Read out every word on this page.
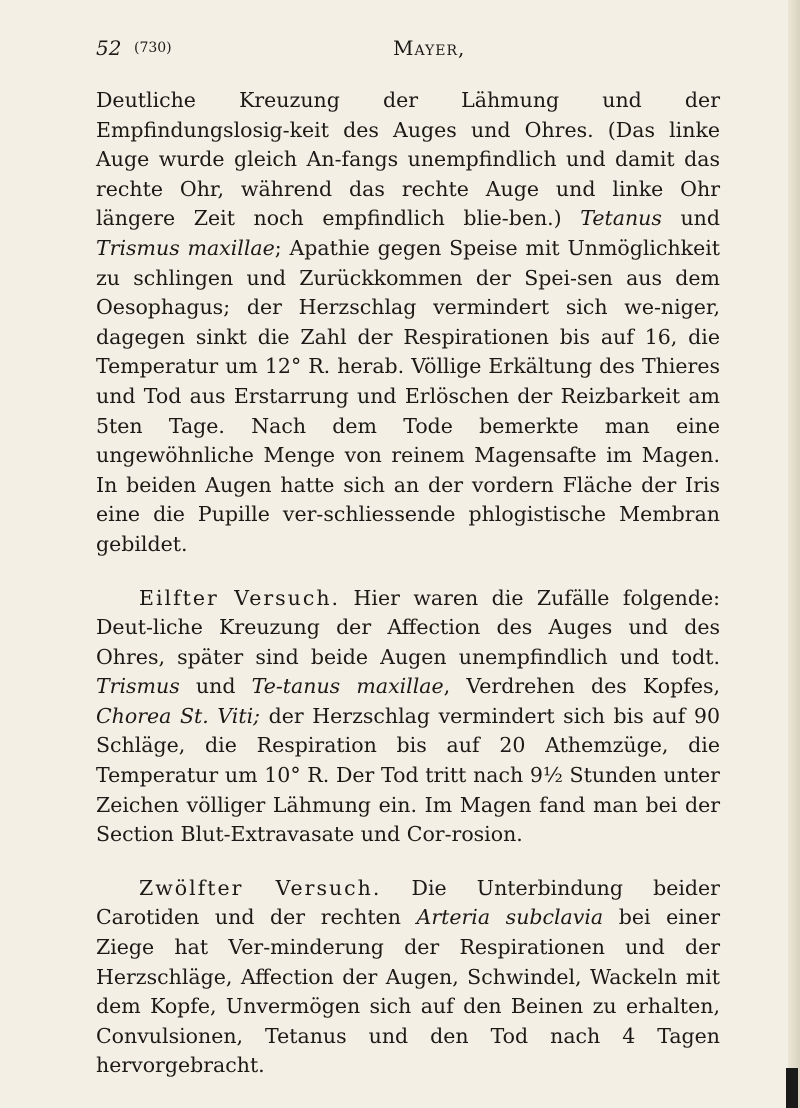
52 (730)	Mayer,

Deutliche Kreuzung der Lähmung und der Empfindungslosig-keit des Auges und Ohres. (Das linke Auge wurde gleich An-fangs unempfindlich und damit das rechte Ohr, während das rechte Auge und linke Ohr längere Zeit noch empfindlich blie-ben.) Tetanus und Trismus maxillae; Apathie gegen Speise mit Unmöglichkeit zu schlingen und Zurückkommen der Spei-sen aus dem Oesophagus; der Herzschlag vermindert sich we-niger, dagegen sinkt die Zahl der Respirationen bis auf 16, die Temperatur um 12° R. herab. Völlige Erkältung des Thieres und Tod aus Erstarrung und Erlöschen der Reizbarkeit am 5ten Tage. Nach dem Tode bemerkte man eine ungewöhnliche Menge von reinem Magensafte im Magen. In beiden Augen hatte sich an der vordern Fläche der Iris eine die Pupille ver-schliessende phlogistische Membran gebildet.

Eilfter Versuch. Hier waren die Zufälle folgende: Deut-liche Kreuzung der Affection des Auges und des Ohres, später sind beide Augen unempfindlich und todt. Trismus und Te-tanus maxillae, Verdrehen des Kopfes, Chorea St. Viti; der Herzschlag vermindert sich bis auf 90 Schläge, die Respiration bis auf 20 Athemzüge, die Temperatur um 10° R. Der Tod tritt nach 9½ Stunden unter Zeichen völliger Lähmung ein. Im Magen fand man bei der Section Blut-Extravasate und Cor-rosion.

Zwölfter Versuch. Die Unterbindung beider Carotiden und der rechten Arteria subclavia bei einer Ziege hat Ver-minderung der Respirationen und der Herzschläge, Affection der Augen, Schwindel, Wackeln mit dem Kopfe, Unvermögen sich auf den Beinen zu erhalten, Convulsionen, Tetanus und den Tod nach 4 Tagen hervorgebracht.
